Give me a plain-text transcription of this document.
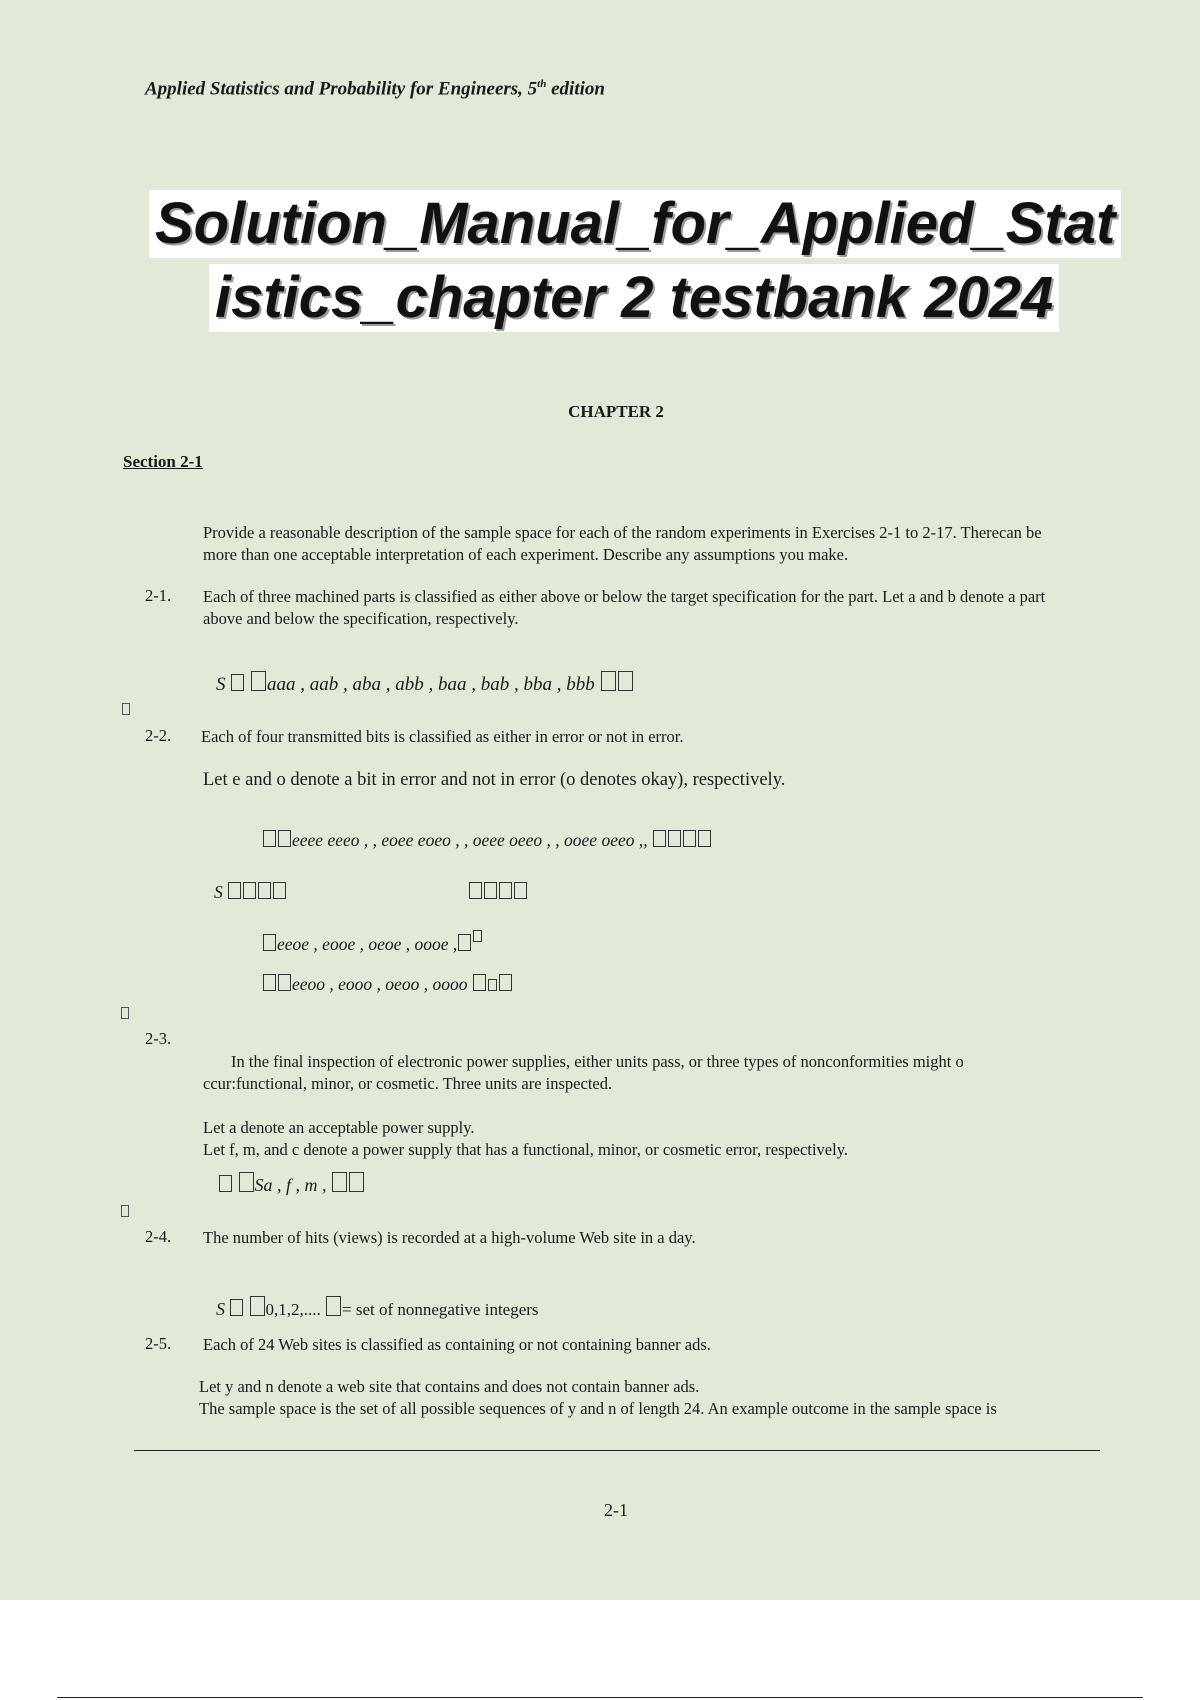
Applied Statistics and Probability for Engineers, 5th edition
Solution_Manual_for_Applied_Stat
istics_chapter 2 testbank 2024
CHAPTER 2
Section 2-1
Provide a reasonable description of the sample space for each of the random experiments in Exercises 2-1 to 2-17. Therecan be more than one acceptable interpretation of each experiment. Describe any assumptions you make.
2-1. Each of three machined parts is classified as either above or below the target specification for the part. Let a and b denote a part above and below the specification, respectively.
S aaa , aab , aba , abb , baa , bab , bba , bbb
2-2. Each of four transmitted bits is classified as either in error or not in error.
Let e and o denote a bit in error and not in error (o denotes okay), respectively.
eeee eeeo , , eoee eoeo , , oeee oeeo , , ooee oeeo ,,
S
eeoe , eooe , oeoe , oooe ,
eeoo , eooo , oeoo , oooo
2-3.
In the final inspection of electronic power supplies, either units pass, or three types of nonconformities might o ccur:functional, minor, or cosmetic. Three units are inspected.
Let a denote an acceptable power supply.
Let f, m, and c denote a power supply that has a functional, minor, or cosmetic error, respectively.
Sa , f , m ,
2-4. The number of hits (views) is recorded at a high-volume Web site in a day.
S 0,1,2,.... = set of nonnegative integers
2-5. Each of 24 Web sites is classified as containing or not containing banner ads.
Let y and n denote a web site that contains and does not contain banner ads.
The sample space is the set of all possible sequences of y and n of length 24. An example outcome in the sample space is
2-1
